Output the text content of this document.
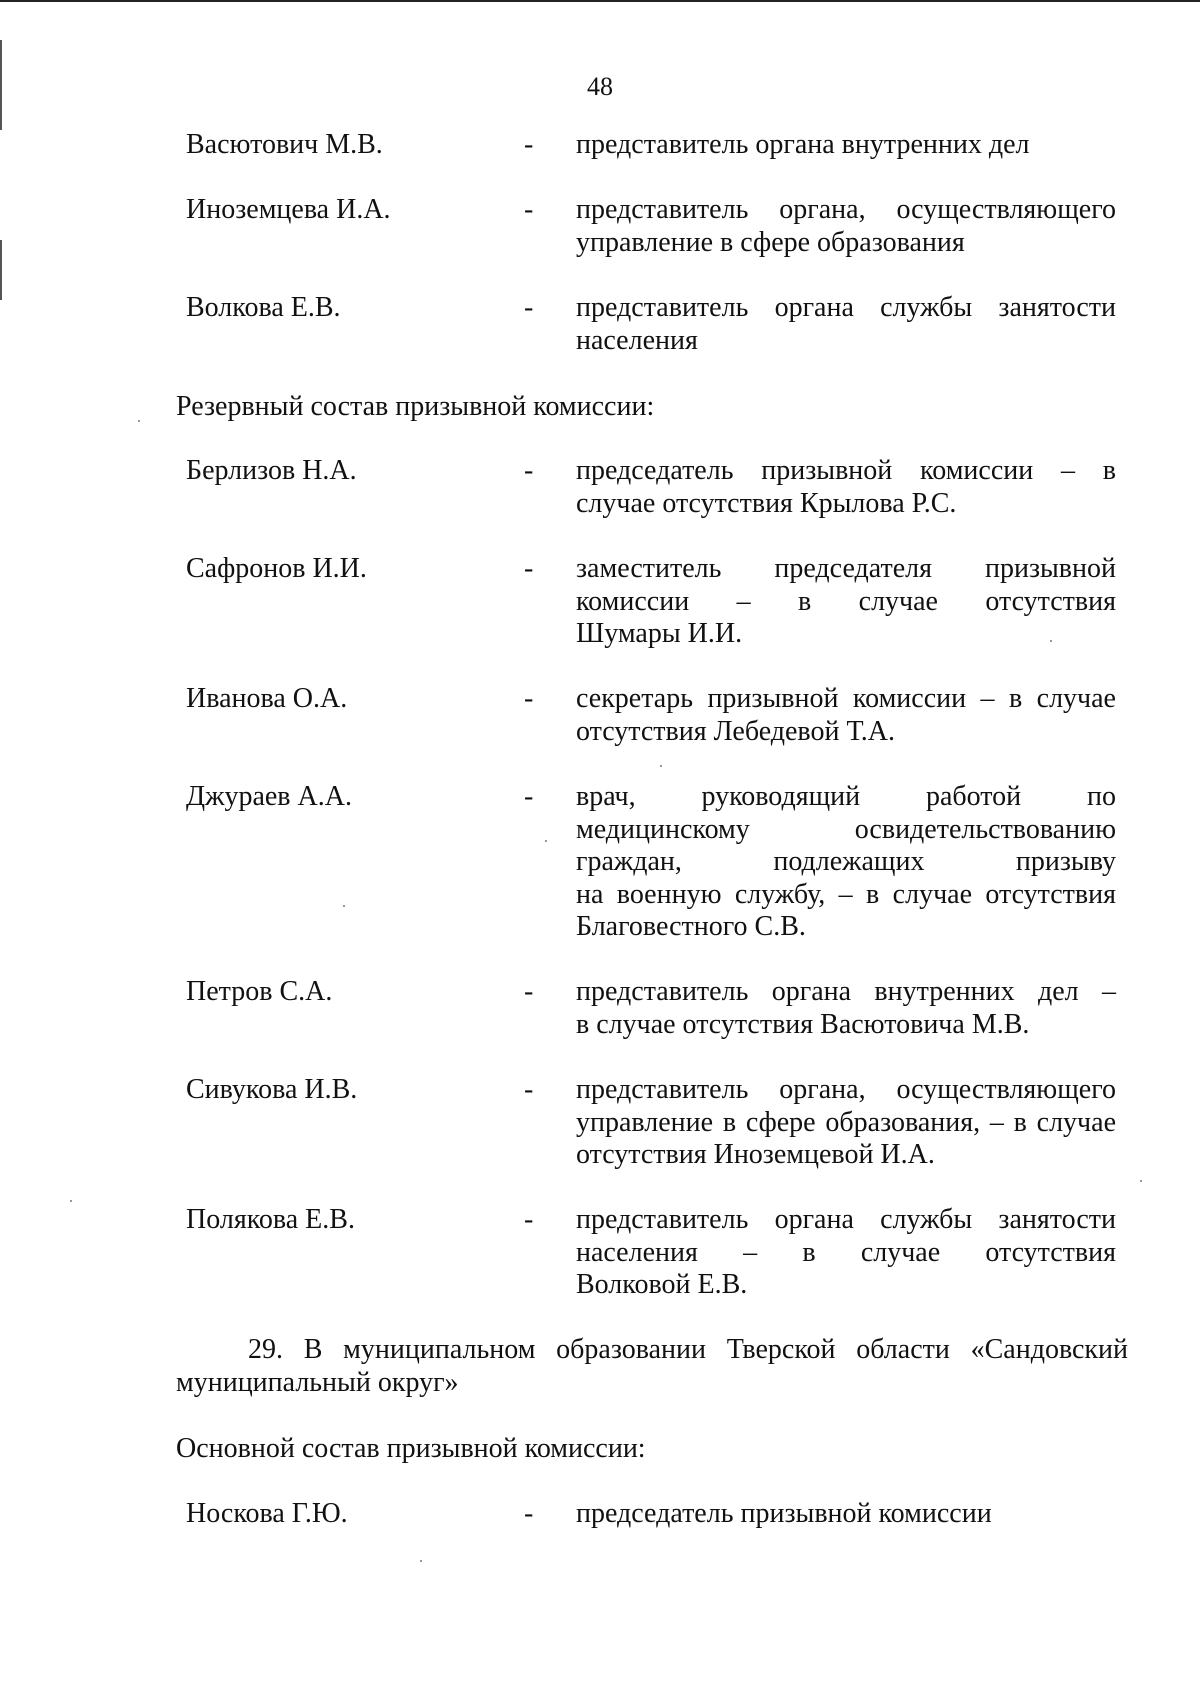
48
Васютович М.В.	- представитель органа внутренних дел
Иноземцева И.А.	- представитель органа, осуществляющего
управление в сфере образования
Волкова Е.В.	- представитель органа службы занятости
населения
Резервный состав призывной комиссии:
Берлизов Н.А.	- председатель призывной комиссии – в
случае отсутствия Крылова Р.С.
Сафронов И.И.	- заместитель председателя призывной
комиссии – в случае отсутствия
Шумары И.И.
Иванова О.А.	- секретарь призывной комиссии – в случае
отсутствия Лебедевой Т.А.
Джураев А.А.	- врач, руководящий работой по
медицинскому освидетельствованию
граждан, подлежащих призыву
на военную службу, – в случае отсутствия
Благовестного С.В.
Петров С.А.	- представитель органа внутренних дел –
в случае отсутствия Васютовича М.В.
Сивукова И.В.	- представитель органа, осуществляющего
управление в сфере образования, – в случае
отсутствия Иноземцевой И.А.
Полякова Е.В.	- представитель органа службы занятости
населения – в случае отсутствия
Волковой Е.В.
29. В муниципальном образовании Тверской области «Сандовский
муниципальный округ»
Основной состав призывной комиссии:
Носкова Г.Ю.	- председатель призывной комиссии
